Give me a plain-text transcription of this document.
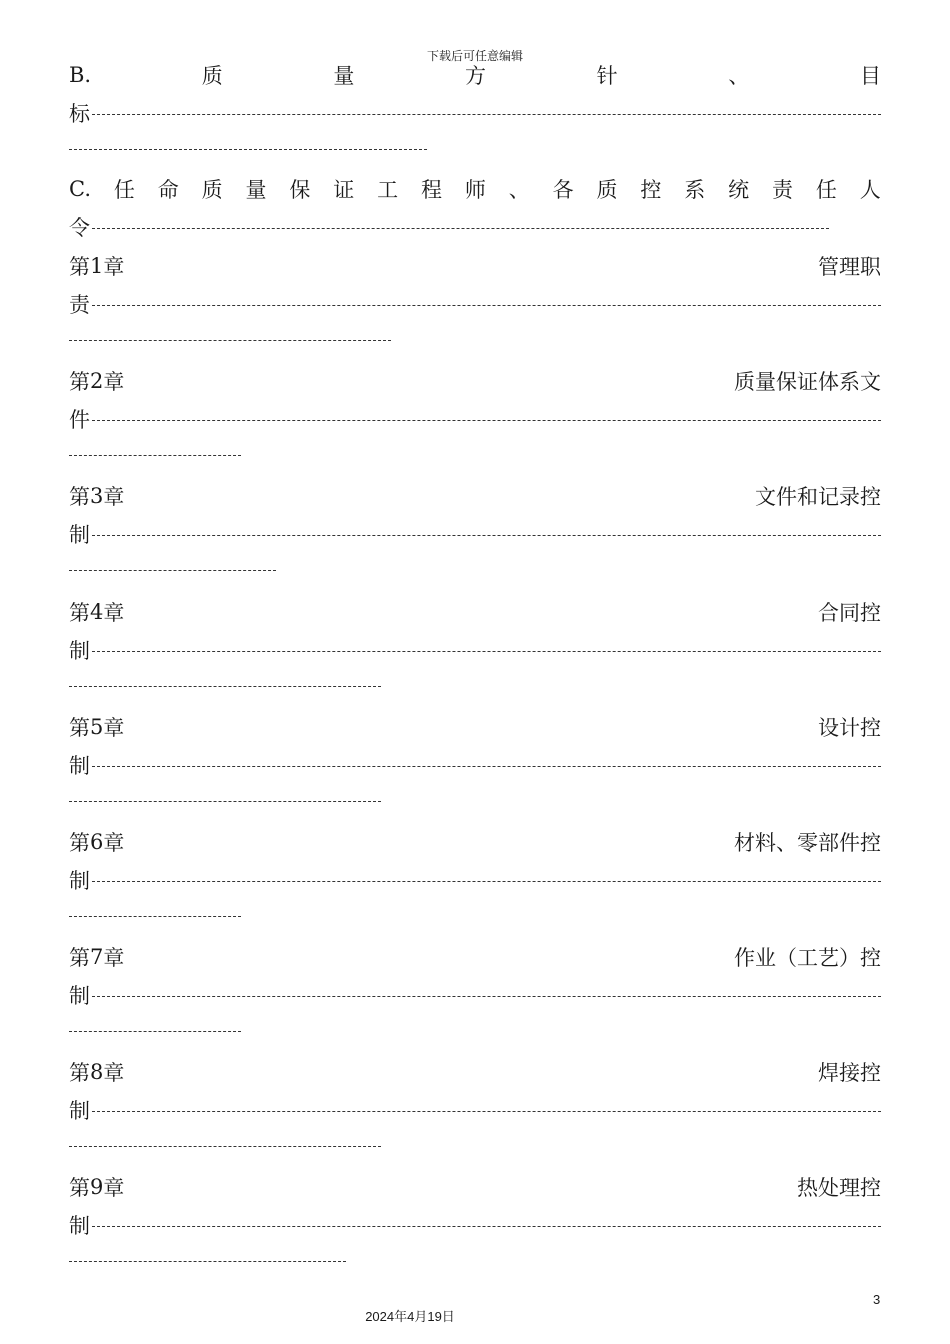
下载后可任意编辑
B.	质	量	方	针	、	目
标
C. 任 命 质 量 保 证 工 程 师 、 各 质 控 系 统 责 任 人
令
第 1 章	管 理 职
责
第 2 章	质 量 保 证 体 系 文
件
第 3 章	文 件 和 记 录 控
制
第 4 章	合 同 控
制
第 5 章	设 计 控
制
第 6 章	材 料 、 零 部 件 控
制
第 7 章	作 业 （ 工 艺 ） 控
制
第 8 章	焊 接 控
制
第 9 章	热 处 理 控
制
3
2024年4月19日
